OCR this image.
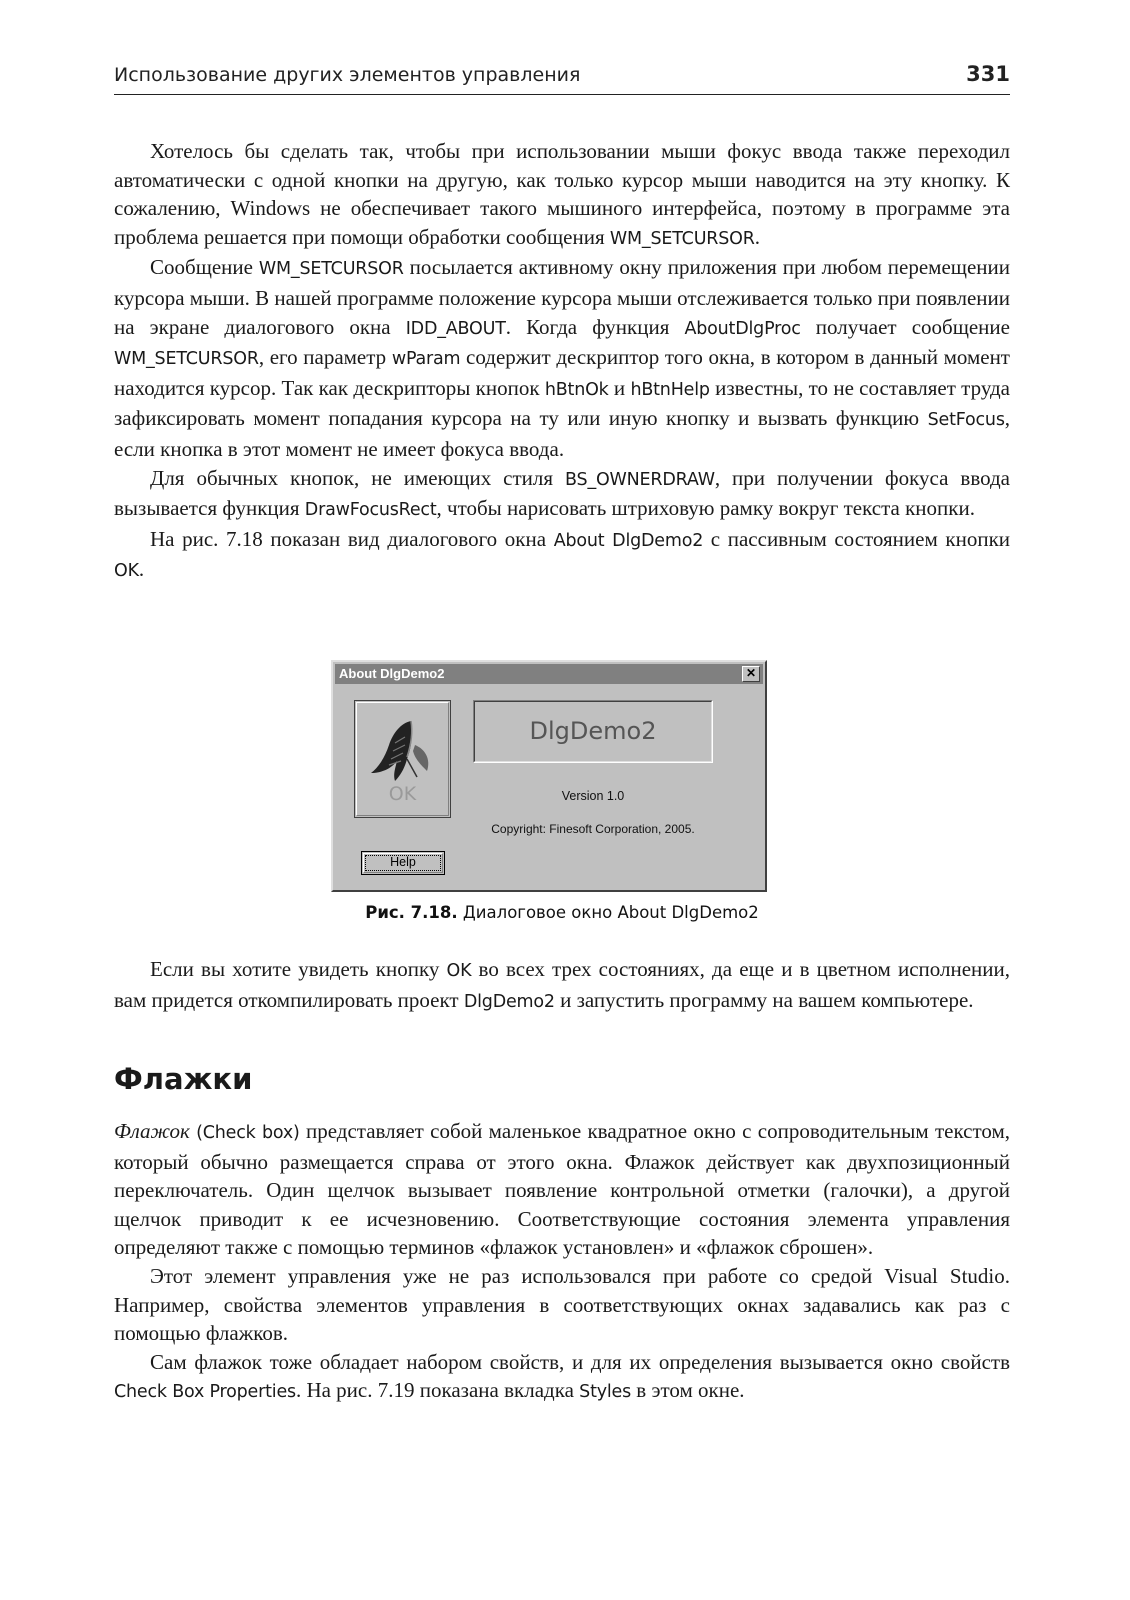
Использование других элементов управления	331

Хотелось бы сделать так, чтобы при использовании мыши фокус ввода также переходил автоматически с одной кнопки на другую, как только курсор мыши наводится на эту кнопку. К сожалению, Windows не обеспечивает такого мышиного интерфейса, поэтому в программе эта проблема решается при помощи обработки сообщения WM_SETCURSOR.

Сообщение WM_SETCURSOR посылается активному окну приложения при любом перемещении курсора мыши. В нашей программе положение курсора мыши отслеживается только при появлении на экране диалогового окна IDD_ABOUT. Когда функция AboutDlgProc получает сообщение WM_SETCURSOR, его параметр wParam содержит дескриптор того окна, в котором в данный момент находится курсор. Так как дескрипторы кнопок hBtnOk и hBtnHelp известны, то не составляет труда зафиксировать момент попадания курсора на ту или иную кнопку и вызвать функцию SetFocus, если кнопка в этот момент не имеет фокуса ввода.

Для обычных кнопок, не имеющих стиля BS_OWNERDRAW, при получении фокуса ввода вызывается функция DrawFocusRect, чтобы нарисовать штриховую рамку вокруг текста кнопки.

На рис. 7.18 показан вид диалогового окна About DlgDemo2 с пассивным состоянием кнопки OK.

About DlgDemo2	✕
OK
DlgDemo2
Version 1.0
Copyright: Finesoft Corporation, 2005.
Help
Рис. 7.18. Диалоговое окно About DlgDemo2

Если вы хотите увидеть кнопку OK во всех трех состояниях, да еще и в цветном исполнении, вам придется откомпилировать проект DlgDemo2 и запустить программу на вашем компьютере.

Флажки

Флажок (Check box) представляет собой маленькое квадратное окно с сопроводительным текстом, который обычно размещается справа от этого окна. Флажок действует как двухпозиционный переключатель. Один щелчок вызывает появление контрольной отметки (галочки), а другой щелчок приводит к ее исчезновению. Соответствующие состояния элемента управления определяют также с помощью терминов «флажок установлен» и «флажок сброшен».

Этот элемент управления уже не раз использовался при работе со средой Visual Studio. Например, свойства элементов управления в соответствующих окнах задавались как раз с помощью флажков.

Сам флажок тоже обладает набором свойств, и для их определения вызывается окно свойств Check Box Properties. На рис. 7.19 показана вкладка Styles в этом окне.
